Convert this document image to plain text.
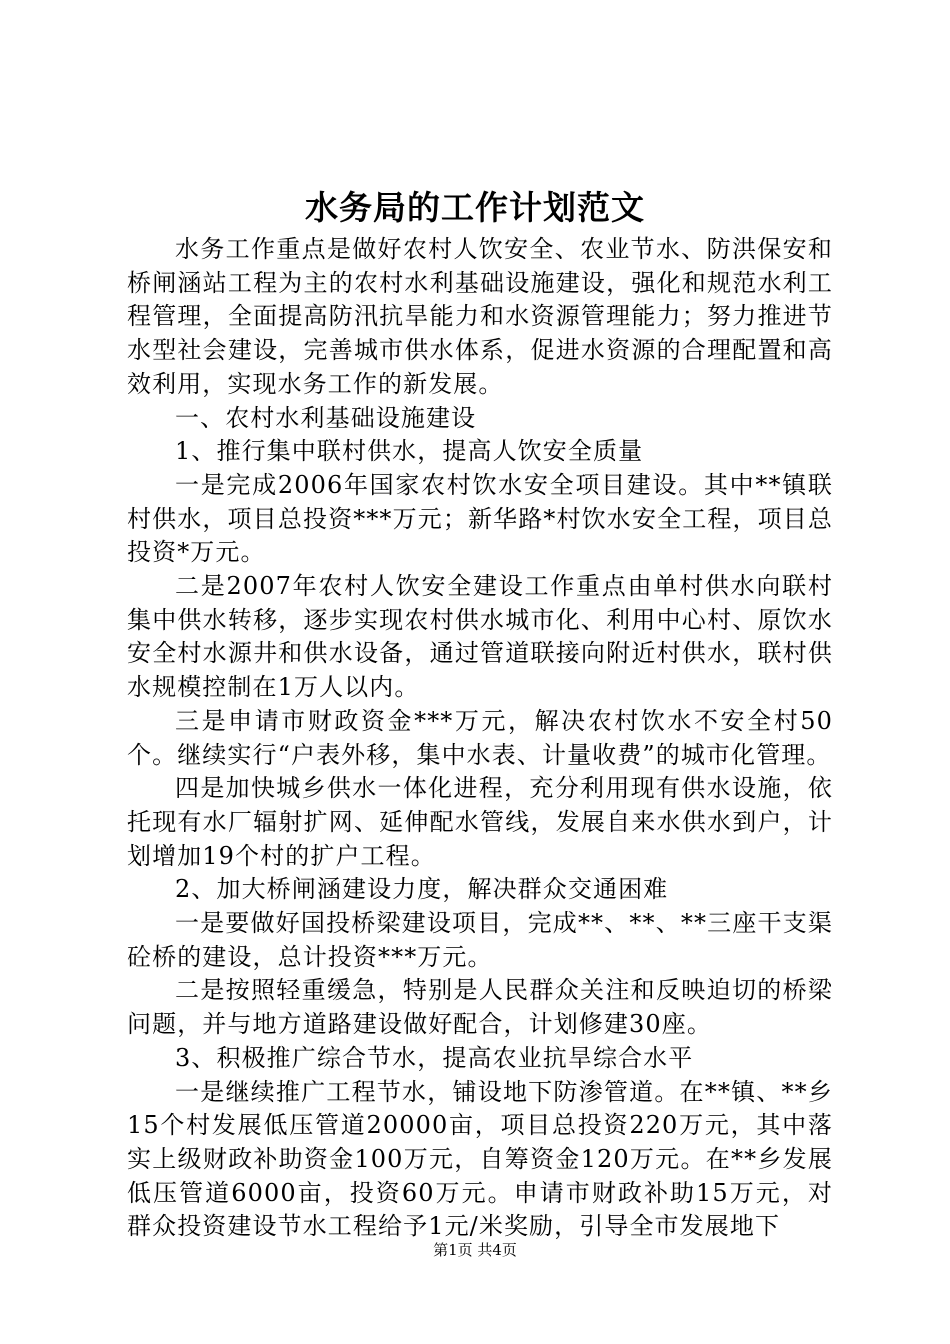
水务局的工作计划范文

水务工作重点是做好农村人饮安全、农业节水、防洪保安和桥闸涵站工程为主的农村水利基础设施建设，强化和规范水利工程管理，全面提高防汛抗旱能力和水资源管理能力；努力推进节水型社会建设，完善城市供水体系，促进水资源的合理配置和高效利用，实现水务工作的新发展。

一、农村水利基础设施建设

1、推行集中联村供水，提高人饮安全质量

一是完成2006年国家农村饮水安全项目建设。其中**镇联村供水，项目总投资***万元；新华路*村饮水安全工程，项目总投资*万元。

二是2007年农村人饮安全建设工作重点由单村供水向联村集中供水转移，逐步实现农村供水城市化、利用中心村、原饮水安全村水源井和供水设备，通过管道联接向附近村供水，联村供水规模控制在1万人以内。

三是申请市财政资金***万元，解决农村饮水不安全村50个。继续实行“户表外移，集中水表、计量收费”的城市化管理。

四是加快城乡供水一体化进程，充分利用现有供水设施，依托现有水厂辐射扩网、延伸配水管线，发展自来水供水到户，计划增加19个村的扩户工程。

2、加大桥闸涵建设力度，解决群众交通困难

一是要做好国投桥梁建设项目，完成**、**、**三座干支渠砼桥的建设，总计投资***万元。

二是按照轻重缓急，特别是人民群众关注和反映迫切的桥梁问题，并与地方道路建设做好配合，计划修建30座。

3、积极推广综合节水，提高农业抗旱综合水平

一是继续推广工程节水，铺设地下防渗管道。在**镇、**乡15个村发展低压管道20000亩，项目总投资220万元，其中落实上级财政补助资金100万元，自筹资金120万元。在**乡发展低压管道6000亩，投资60万元。申请市财政补助15万元，对群众投资建设节水工程给予1元/米奖励，引导全市发展地下

第1页 共4页
